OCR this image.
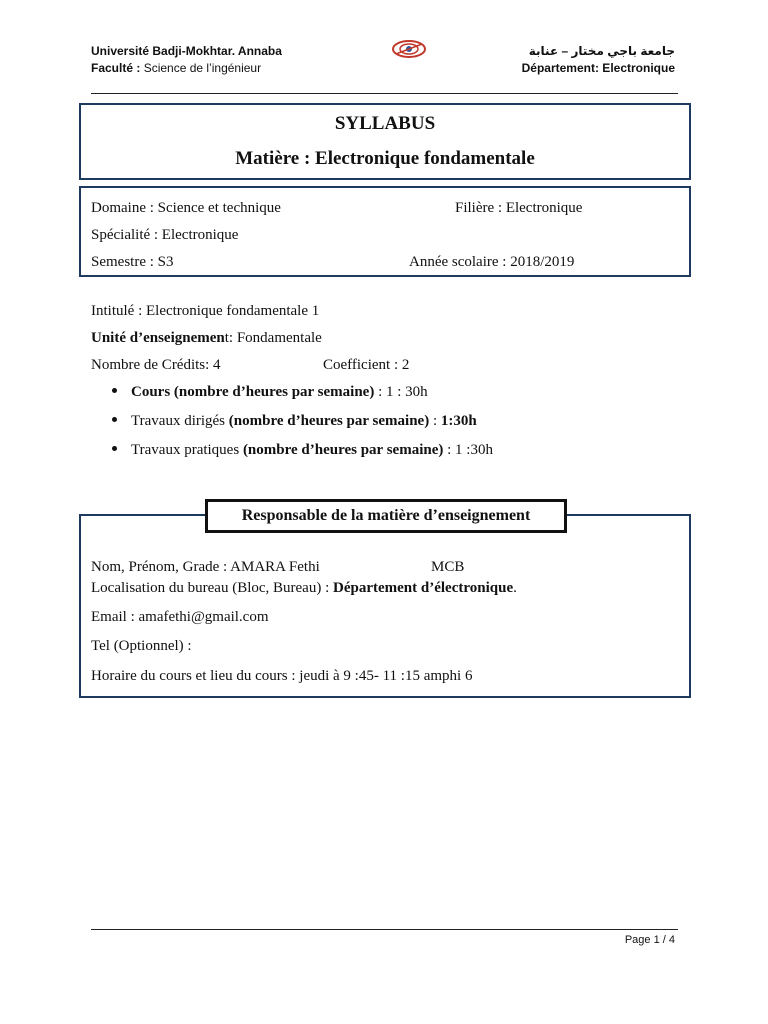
Université Badji-Mokhtar. Annaba
Faculté : Science de l’ingénieur
جامعة باجي مختار – عنابة
Département: Electronique
SYLLABUS
Matière : Electronique fondamentale
Domaine : Science et technique	Filière : Electronique
Spécialité : Electronique
Semestre : S3	Année scolaire : 2018/2019
Intitulé : Electronique fondamentale 1
Unité d’enseignement: Fondamentale
Nombre de Crédits: 4	Coefficient : 2
Cours (nombre d’heures par semaine) : 1 : 30h
Travaux dirigés (nombre d’heures par semaine) : 1:30h
Travaux pratiques (nombre d’heures par semaine) : 1 :30h
Responsable de la matière d’enseignement
Nom, Prénom, Grade : AMARA Fethi	MCB
Localisation du bureau (Bloc, Bureau) : Département d’électronique.
Email : amafethi@gmail.com
Tel (Optionnel) :
Horaire du cours et lieu du cours : jeudi à 9 :45- 11 :15 amphi 6
Page 1 / 4
